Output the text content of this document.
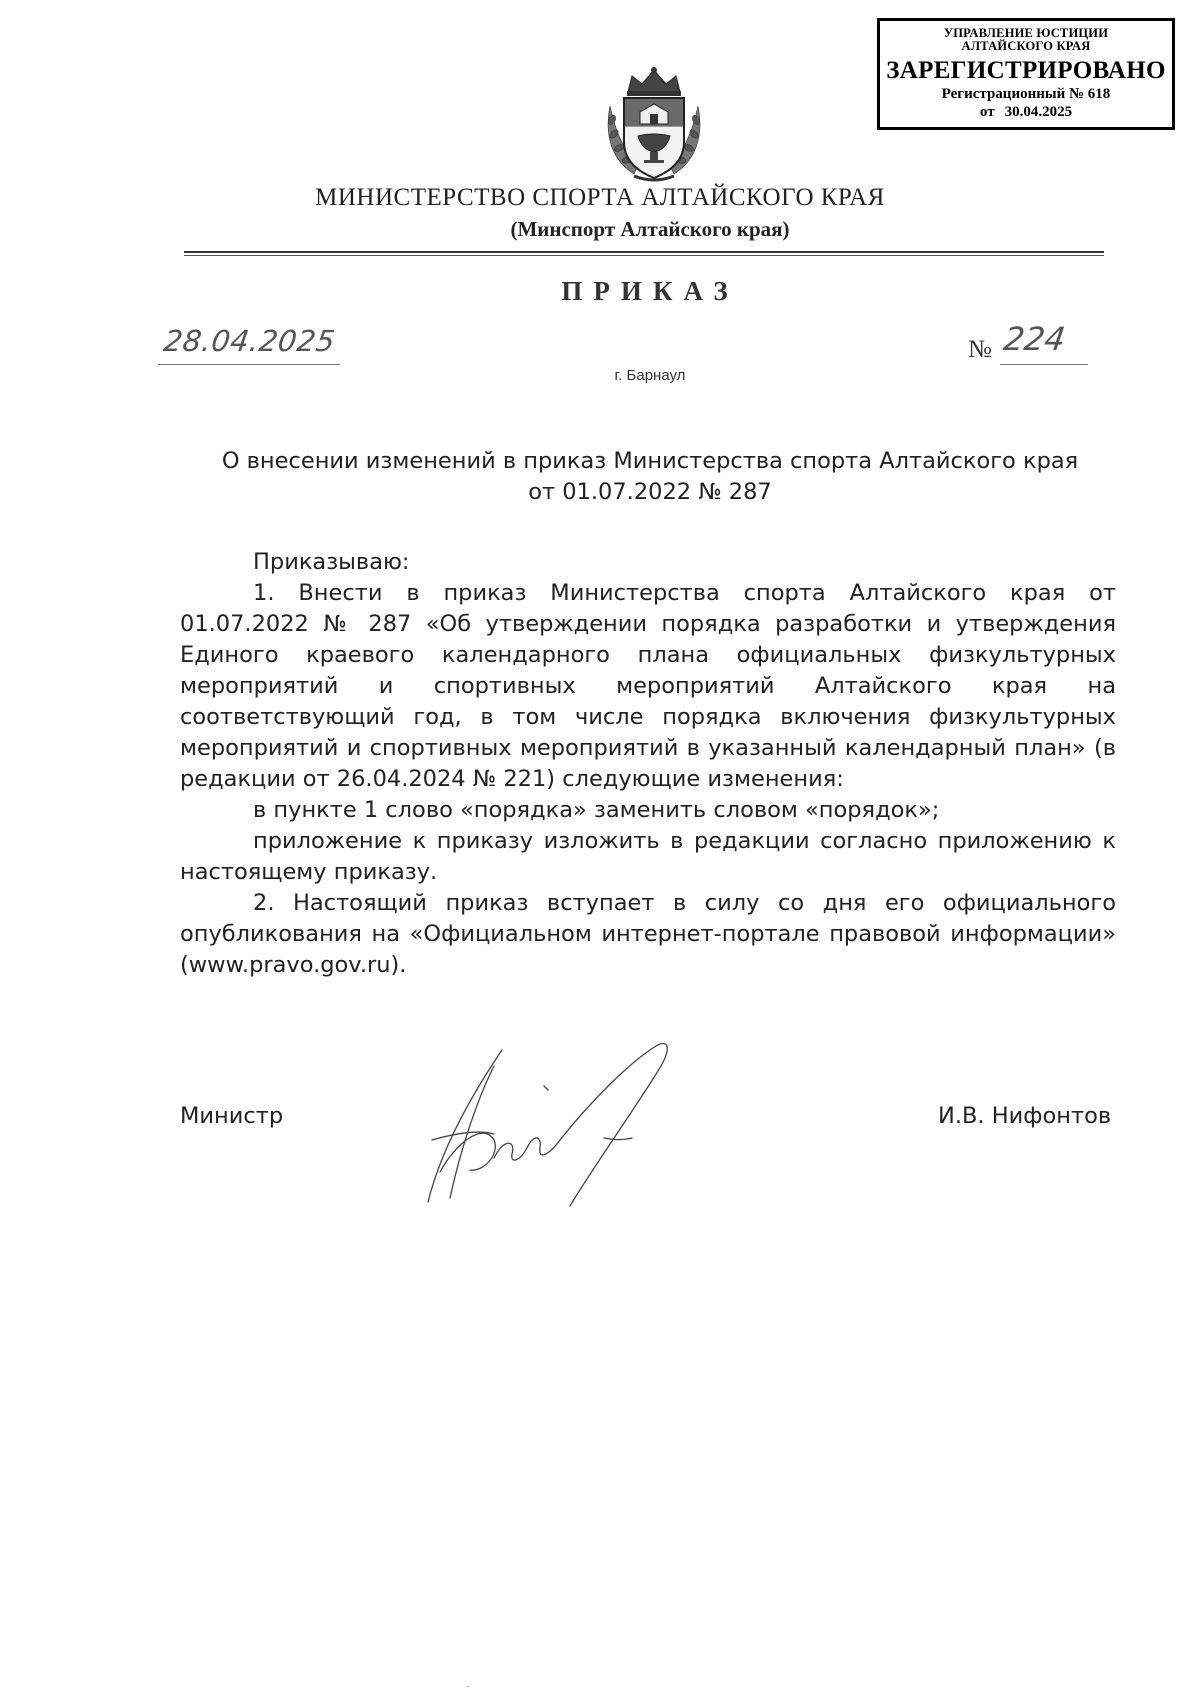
УПРАВЛЕНИЕ ЮСТИЦИИ
АЛТАЙСКОГО КРАЯ
ЗАРЕГИСТРИРОВАНО
Регистрационный № 618
от 30.04.2025
МИНИСТЕРСТВО СПОРТА АЛТАЙСКОГО КРАЯ
(Минспорт Алтайского края)
ПРИКАЗ
28.04.2025	№ 224
г. Барнаул
О внесении изменений в приказ Министерства спорта Алтайского края
от 01.07.2022 № 287

Приказываю:

1. Внести в приказ Министерства спорта Алтайского края от 01.07.2022 № 287 «Об утверждении порядка разработки и утверждения Единого краевого календарного плана официальных физкультурных мероприятий и спортивных мероприятий Алтайского края на соответствующий год, в том числе порядка включения физкультурных мероприятий и спортивных мероприятий в указанный календарный план» (в редакции от 26.04.2024 № 221) следующие изменения:

в пункте 1 слово «порядка» заменить словом «порядок»;

приложение к приказу изложить в редакции согласно приложению к настоящему приказу.

2. Настоящий приказ вступает в силу со дня его официального опубликования на «Официальном интернет-портале правовой информации» (www.pravo.gov.ru).

Министр	И.В. Нифонтов
